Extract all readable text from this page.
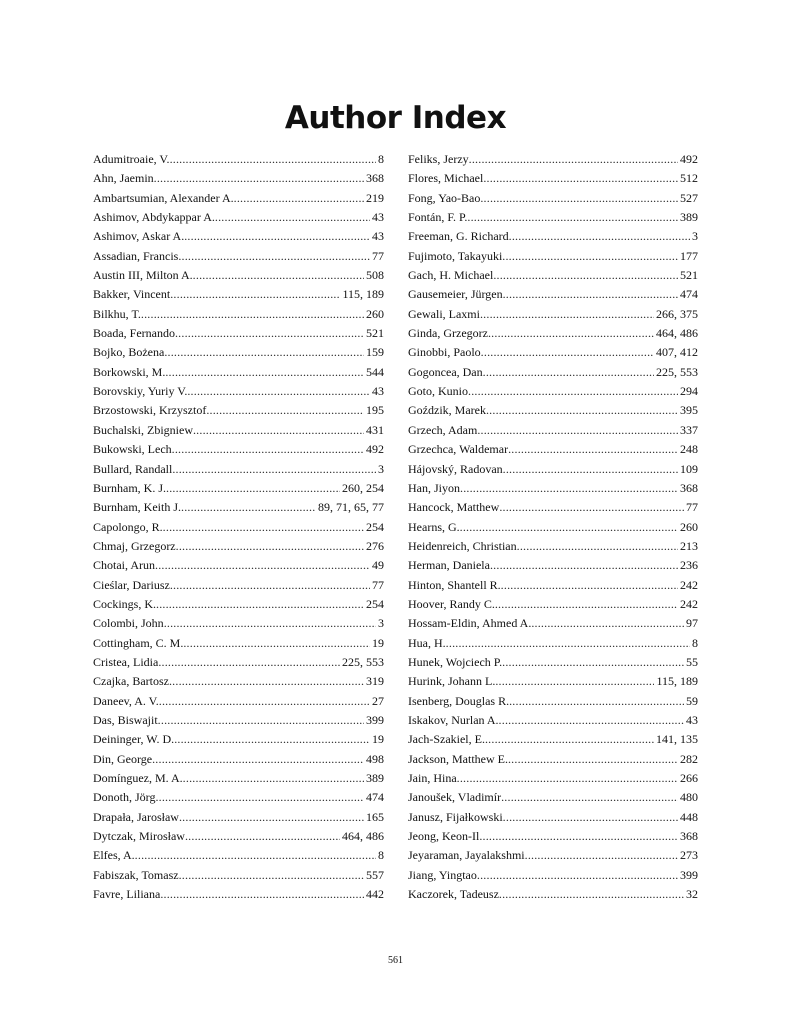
Author Index
Adumitroaie, V. .....	8
Ahn, Jaemin .....	368
Ambartsumian, Alexander A. .....	219
Ashimov, Abdykappar A. .....	43
Ashimov, Askar A. .....	43
Assadian, Francis .....	77
Austin III, Milton A. .....	508
Bakker, Vincent .....	115, 189
Bilkhu, T. .....	260
Boada, Fernando .....	521
Bojko, Bożena .....	159
Borkowski, M. .....	544
Borovskiy, Yuriy V. .....	43
Brzostowski, Krzysztof .....	195
Buchalski, Zbigniew .....	431
Bukowski, Lech .....	492
Bullard, Randall .....	3
Burnham, K. J. .....	260, 254
Burnham, Keith J. .....	89, 71, 65, 77
Capolongo, R. .....	254
Chmaj, Grzegorz .....	276
Chotai, Arun .....	49
Cieślar, Dariusz .....	77
Cockings, K. .....	254
Colombi, John .....	3
Cottingham, C. M. .....	19
Cristea, Lidia .....	225, 553
Czajka, Bartosz .....	319
Daneev, A. V. .....	27
Das, Biswajit .....	399
Deininger, W. D. .....	19
Din, George .....	498
Domínguez, M. A. .....	389
Donoth, Jörg .....	474
Drapała, Jarosław .....	165
Dytczak, Mirosław .....	464, 486
Elfes, A. .....	8
Fabiszak, Tomasz .....	557
Favre, Liliana .....	442
Feliks, Jerzy .....	492
Flores, Michael .....	512
Fong, Yao-Bao .....	527
Fontán, F. P. .....	389
Freeman, G. Richard .....	3
Fujimoto, Takayuki .....	177
Gach, H. Michael .....	521
Gausemeier, Jürgen .....	474
Gewali, Laxmi .....	266, 375
Ginda, Grzegorz .....	464, 486
Ginobbi, Paolo .....	407, 412
Gogoncea, Dan .....	225, 553
Goto, Kunio .....	294
Goździk, Marek .....	395
Grzech, Adam .....	337
Grzechca, Waldemar .....	248
Hájovský, Radovan .....	109
Han, Jiyon .....	368
Hancock, Matthew .....	77
Hearns, G. .....	260
Heidenreich, Christian .....	213
Herman, Daniela .....	236
Hinton, Shantell R. .....	242
Hoover, Randy C. .....	242
Hossam-Eldin, Ahmed A. .....	97
Hua, H. .....	8
Hunek, Wojciech P. .....	55
Hurink, Johann L. .....	115, 189
Isenberg, Douglas R. .....	59
Iskakov, Nurlan A. .....	43
Jach-Szakiel, E. .....	141, 135
Jackson, Matthew E. .....	282
Jain, Hina .....	266
Janoušek, Vladimír .....	480
Janusz, Fijałkowski .....	448
Jeong, Keon-Il .....	368
Jeyaraman, Jayalakshmi .....	273
Jiang, Yingtao .....	399
Kaczorek, Tadeusz .....	32
561
